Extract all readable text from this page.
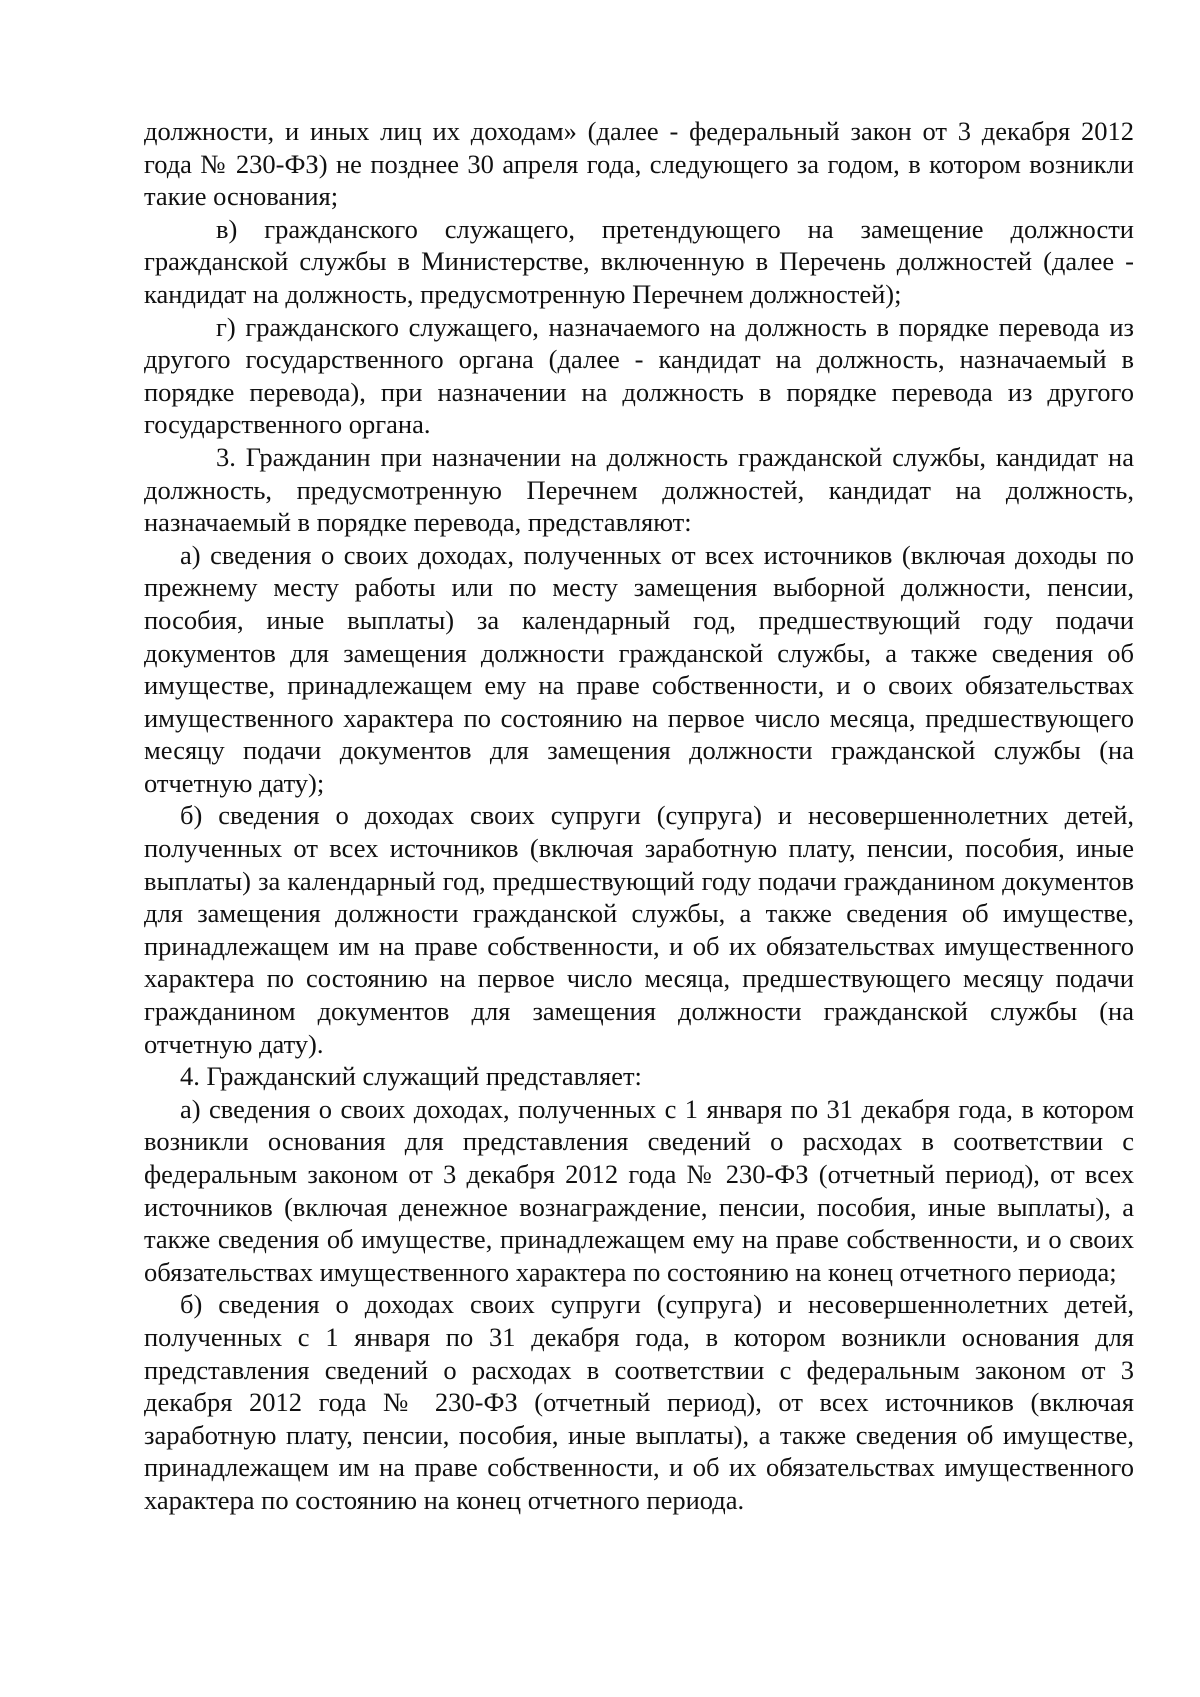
должности, и иных лиц их доходам» (далее - федеральный закон от 3 декабря 2012 года № 230-ФЗ) не позднее 30 апреля года, следующего за годом, в котором возникли такие основания;

в) гражданского служащего, претендующего на замещение должности гражданской службы в Министерстве, включенную в Перечень должностей (далее - кандидат на должность, предусмотренную Перечнем должностей);

г) гражданского служащего, назначаемого на должность в порядке перевода из другого государственного органа (далее - кандидат на должность, назначаемый в порядке перевода), при назначении на должность в порядке перевода из другого государственного органа.

3. Гражданин при назначении на должность гражданской службы, кандидат на должность, предусмотренную Перечнем должностей, кандидат на должность, назначаемый в порядке перевода, представляют:

а) сведения о своих доходах, полученных от всех источников (включая доходы по прежнему месту работы или по месту замещения выборной должности, пенсии, пособия, иные выплаты) за календарный год, предшествующий году подачи документов для замещения должности гражданской службы, а также сведения об имуществе, принадлежащем ему на праве собственности, и о своих обязательствах имущественного характера по состоянию на первое число месяца, предшествующего месяцу подачи документов для замещения должности гражданской службы (на отчетную дату);

б) сведения о доходах своих супруги (супруга) и несовершеннолетних детей, полученных от всех источников (включая заработную плату, пенсии, пособия, иные выплаты) за календарный год, предшествующий году подачи гражданином документов для замещения должности гражданской службы, а также сведения об имуществе, принадлежащем им на праве собственности, и об их обязательствах имущественного характера по состоянию на первое число месяца, предшествующего месяцу подачи гражданином документов для замещения должности гражданской службы (на отчетную дату).

4. Гражданский служащий представляет:

а) сведения о своих доходах, полученных с 1 января по 31 декабря года, в котором возникли основания для представления сведений о расходах в соответствии с федеральным законом от 3 декабря 2012 года № 230-ФЗ (отчетный период), от всех источников (включая денежное вознаграждение, пенсии, пособия, иные выплаты), а также сведения об имуществе, принадлежащем ему на праве собственности, и о своих обязательствах имущественного характера по состоянию на конец отчетного периода;

б) сведения о доходах своих супруги (супруга) и несовершеннолетних детей, полученных с 1 января по 31 декабря года, в котором возникли основания для представления сведений о расходах в соответствии с федеральным законом от 3 декабря 2012 года № 230-ФЗ (отчетный период), от всех источников (включая заработную плату, пенсии, пособия, иные выплаты), а также сведения об имуществе, принадлежащем им на праве собственности, и об их обязательствах имущественного характера по состоянию на конец отчетного периода.
